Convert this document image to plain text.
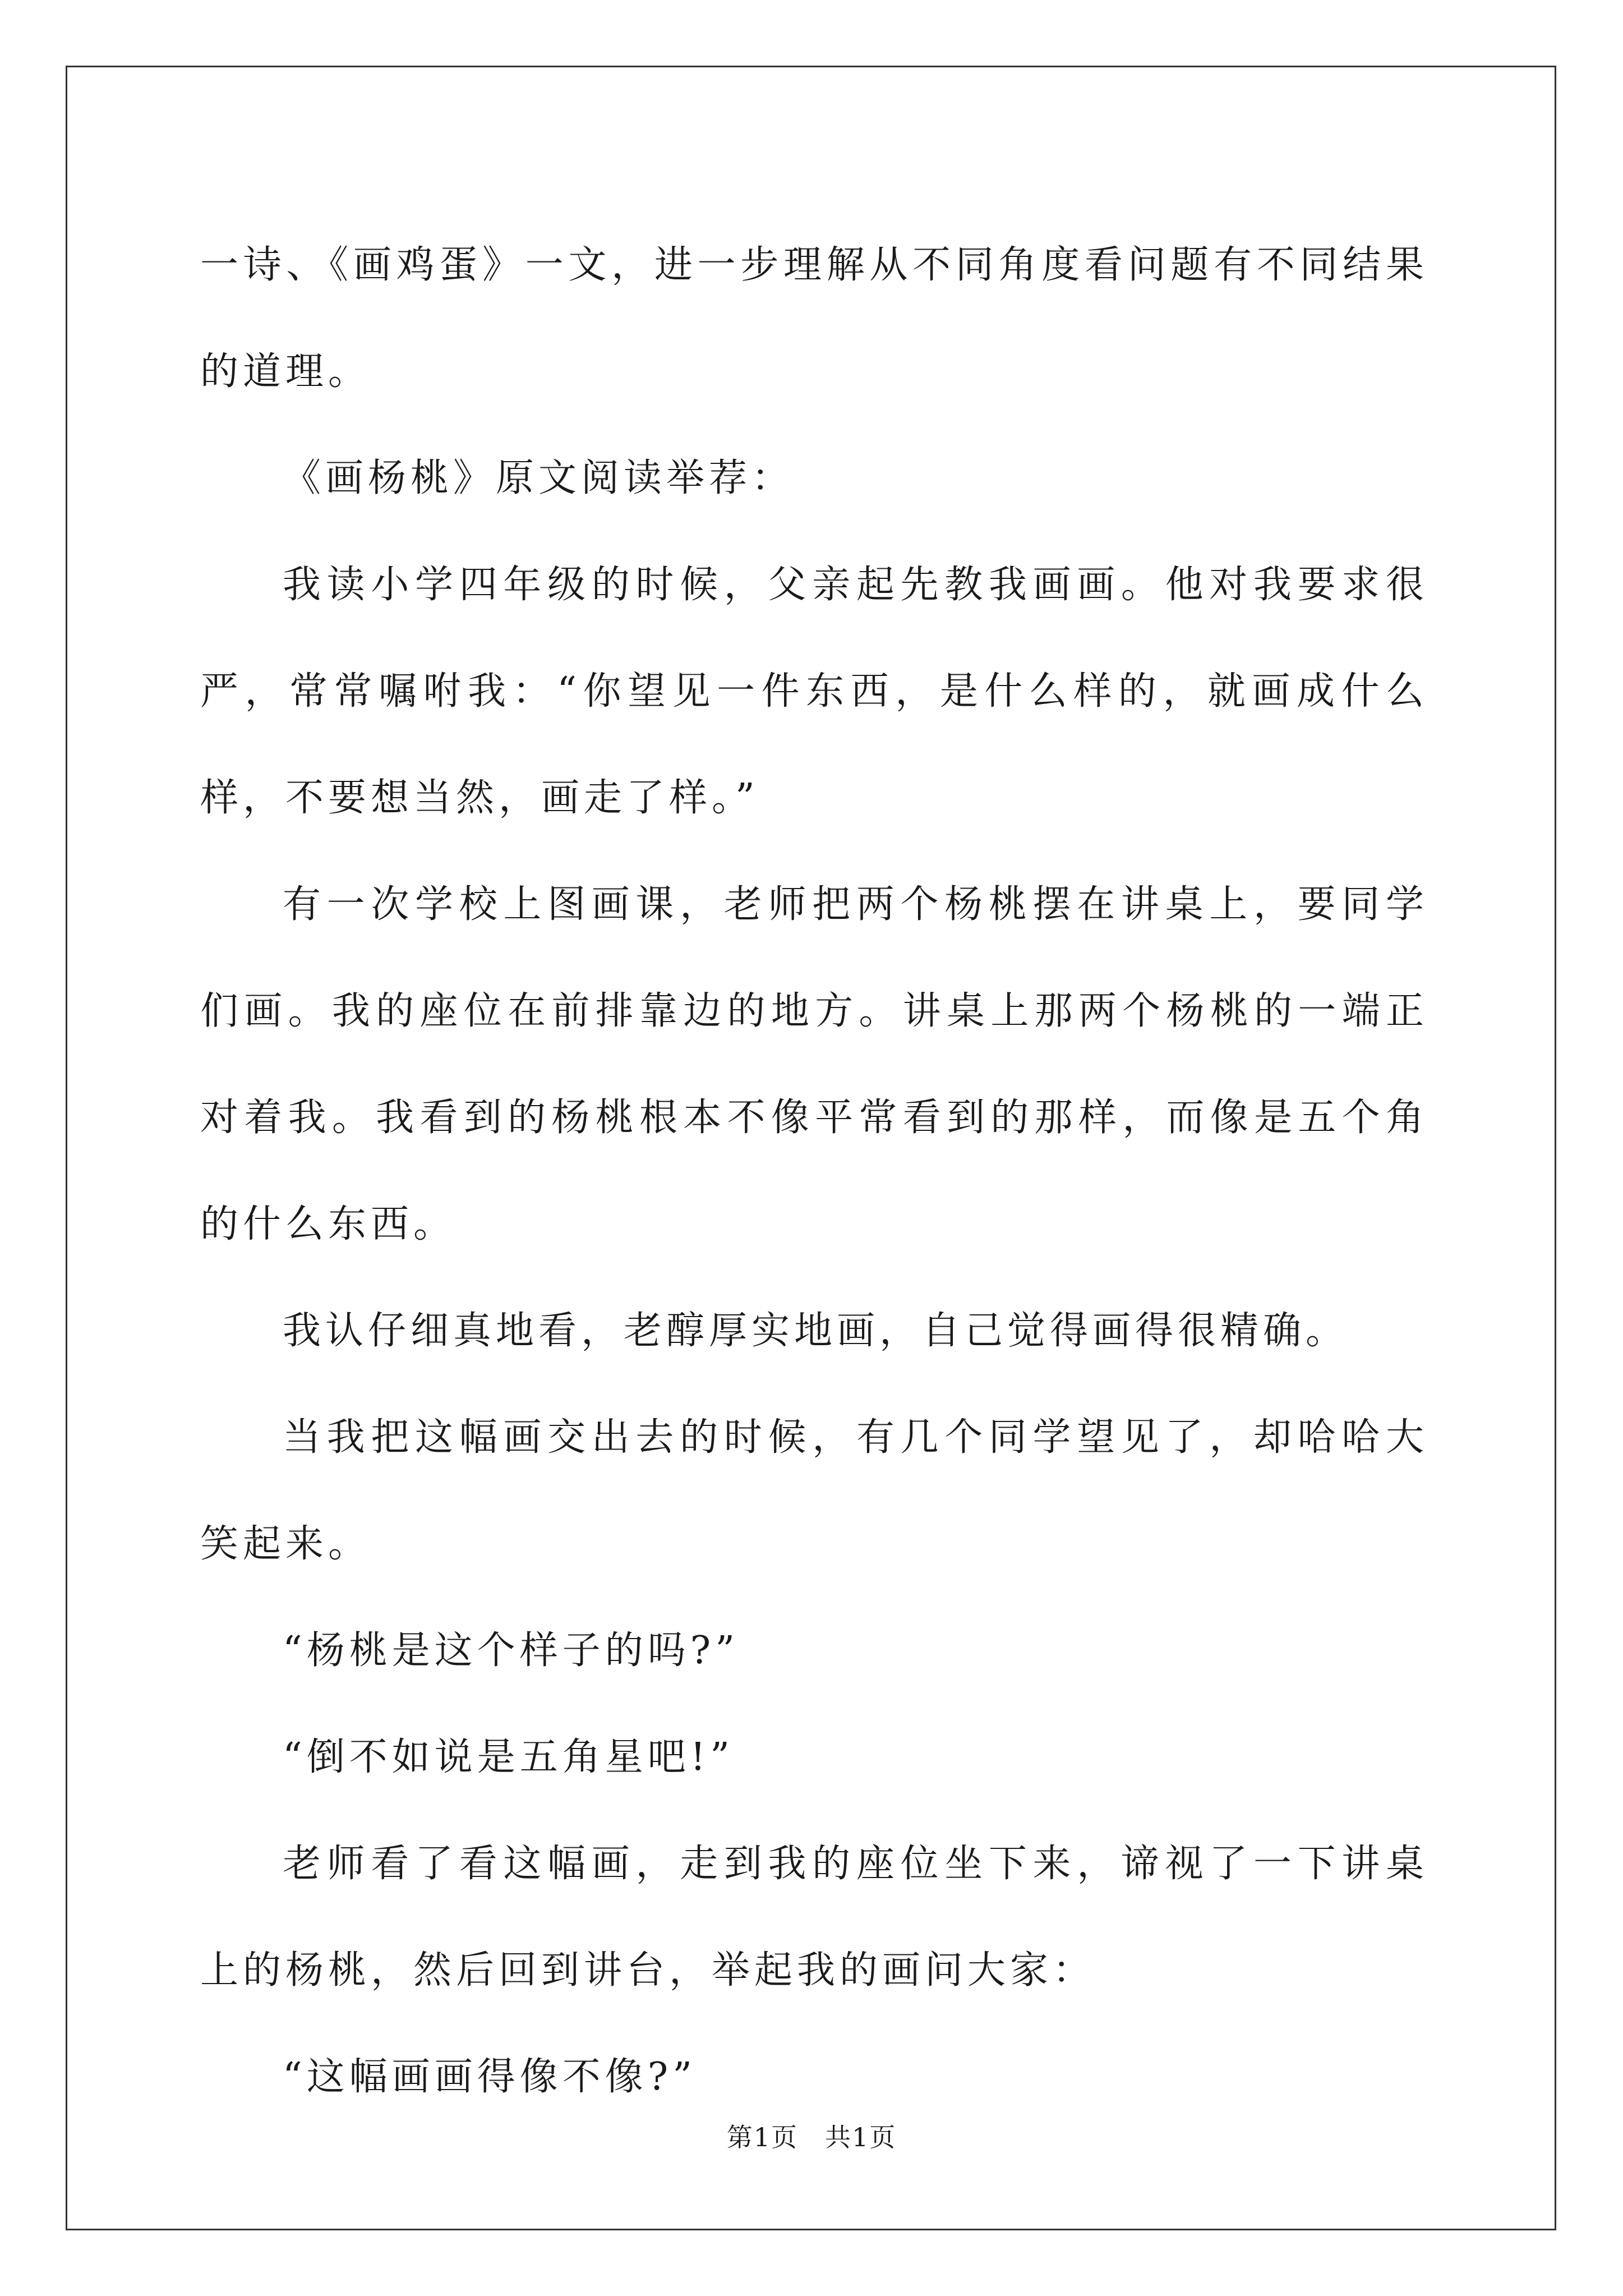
一诗、《画鸡蛋》一文，进一步理解从不同角度看问题有不同结果的道理。

《画杨桃》原文阅读举荐：

我读小学四年级的时候，父亲起先教我画画。他对我要求很严，常常嘱咐我：“你望见一件东西，是什么样的，就画成什么样，不要想当然，画走了样。”

有一次学校上图画课，老师把两个杨桃摆在讲桌上，要同学们画。我的座位在前排靠边的地方。讲桌上那两个杨桃的一端正对着我。我看到的杨桃根本不像平常看到的那样，而像是五个角的什么东西。

我认仔细真地看，老醇厚实地画，自己觉得画得很精确。

当我把这幅画交出去的时候，有几个同学望见了，却哈哈大笑起来。

“杨桃是这个样子的吗?”

“倒不如说是五角星吧!”

老师看了看这幅画，走到我的座位坐下来，谛视了一下讲桌上的杨桃，然后回到讲台，举起我的画问大家：

“这幅画画得像不像?”

第1页　共1页
